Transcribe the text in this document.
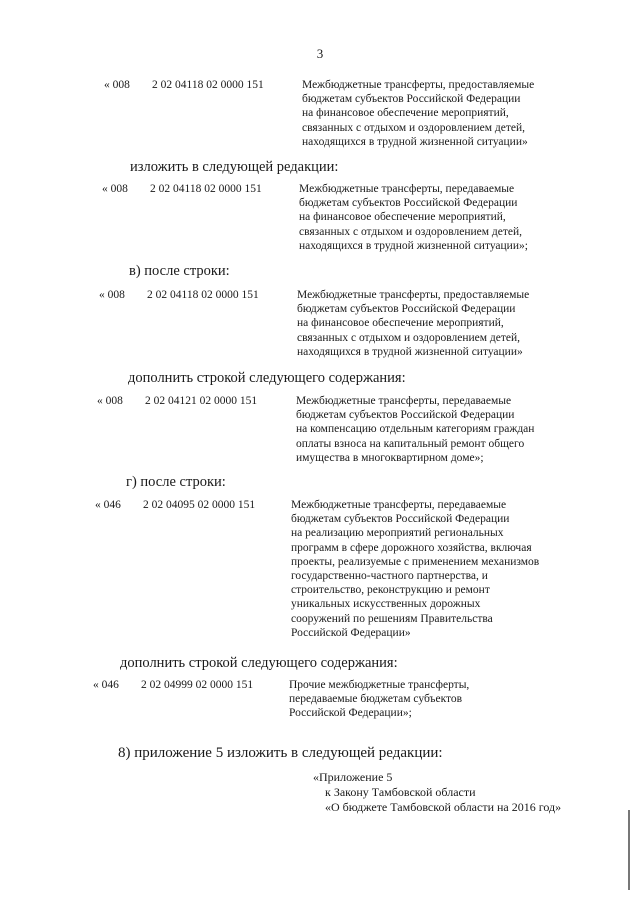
3
« 008 2 02 04118 02 0000 151	Межбюджетные трансферты, предоставляемые
бюджетам субъектов Российской Федерации
на финансовое обеспечение мероприятий,
связанных с отдыхом и оздоровлением детей,
находящихся в трудной жизненной ситуации»
изложить в следующей редакции:
« 008 2 02 04118 02 0000 151	Межбюджетные трансферты, передаваемые
бюджетам субъектов Российской Федерации
на финансовое обеспечение мероприятий,
связанных с отдыхом и оздоровлением детей,
находящихся в трудной жизненной ситуации»;
в) после строки:
« 008 2 02 04118 02 0000 151	Межбюджетные трансферты, предоставляемые
бюджетам субъектов Российской Федерации
на финансовое обеспечение мероприятий,
связанных с отдыхом и оздоровлением детей,
находящихся в трудной жизненной ситуации»
дополнить строкой следующего содержания:
« 008 2 02 04121 02 0000 151	Межбюджетные трансферты, передаваемые
бюджетам субъектов Российской Федерации
на компенсацию отдельным категориям граждан
оплаты взноса на капитальный ремонт общего
имущества в многоквартирном доме»;
г) после строки:
« 046 2 02 04095 02 0000 151	Межбюджетные трансферты, передаваемые
бюджетам субъектов Российской Федерации
на реализацию мероприятий региональных
программ в сфере дорожного хозяйства, включая
проекты, реализуемые с применением механизмов
государственно-частного партнерства, и
строительство, реконструкцию и ремонт
уникальных искусственных дорожных
сооружений по решениям Правительства
Российской Федерации»
дополнить строкой следующего содержания:
« 046 2 02 04999 02 0000 151	Прочие межбюджетные трансферты,
передаваемые бюджетам субъектов
Российской Федерации»;
8) приложение 5 изложить в следующей редакции:
«Приложение 5
к Закону Тамбовской области
«О бюджете Тамбовской области на 2016 год»
